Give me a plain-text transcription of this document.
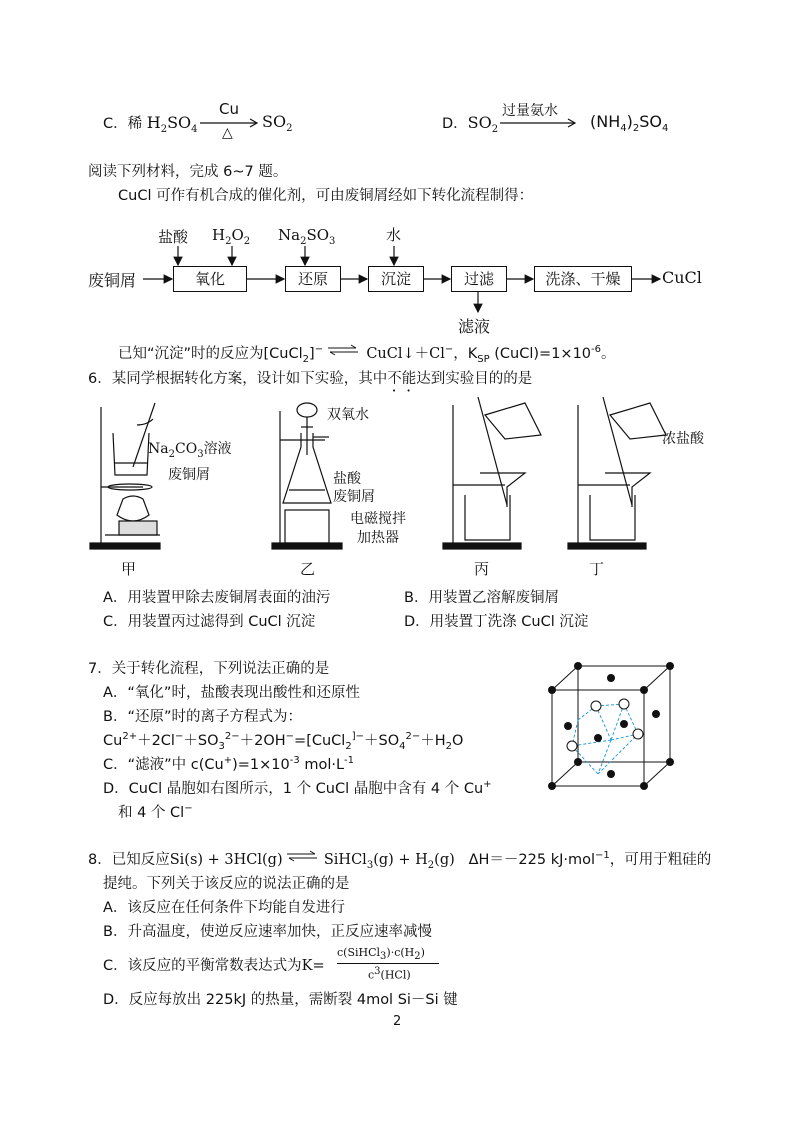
C．稀 $H_2SO_4$
Cu
△
$SO_2$	D．$SO_2$
过量氨水
$(NH_4)_2SO_4$
阅读下列材料，完成 6~7 题。
CuCl 可作有机合成的催化剂，可由废铜屑经如下转化流程制得：
盐酸 $H_2O_2$ $Na_2SO_3$	水
废铜屑	氧化	还原	沉淀	过滤	洗涤、干燥	CuCl
滤液
已知“沉淀”时的反应为[CuCl$_2$]− ⇌ CuCl↓＋Cl−，$K_{SP}$ $(CuCl)=1\times 10^{-6}$。
6．某同学根据转化方案，设计如下实验，其中不能达到实验目的的是
$Na_2CO_3$溶液
废铜屑
双氧水
盐酸
废铜屑
电磁搅拌
加热器
浓盐酸
甲	乙	丙	丁
A．用装置甲除去废铜屑表面的油污	B．用装置乙溶解废铜屑
C．用装置丙过滤得到 CuCl 沉淀	D．用装置丁洗涤 CuCl 沉淀
7．关于转化流程，下列说法正确的是
A．“氧化”时，盐酸表现出酸性和还原性
B．“还原”时的离子方程式为：
$Cu^{2+}+2Cl^-+SO_3^{2-}+2OH^-=[CuCl_2^{]-}+SO_4^{2-}+H_2O$
C．“滤液”中 $c(Cu^+)=1\times 10^{-3}$ $mol\cdot L^{-1}$
D．CuCl 晶胞如右图所示，1 个 CuCl 晶胞中含有 4 个 Cu+
和 4 个 Cl−
8．已知反应Si(s) + 3HCl(g)	SiHCl$_3$(g) + $H_2(g)$ ΔH＝－225 kJ·mol$^{-1}$，可用于粗硅的
提纯。下列关于该反应的说法正确的是
A．该反应在任何条件下均能自发进行
B．升高温度，使逆反应速率加快，正反应速率减慢
C．该反应的平衡常数表达式为K=
$c(SiHCl_3)\cdot c(H_2)$
$c^3(HCl)$
D．反应每放出 225kJ 的热量，需断裂 4mol Si－Si 键
2
